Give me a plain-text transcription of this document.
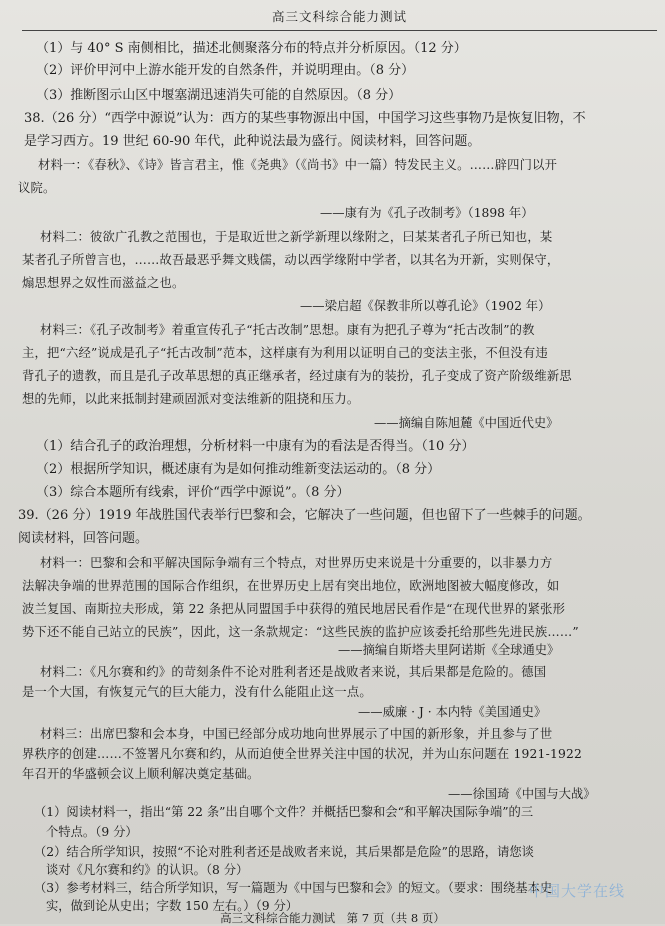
高三文科综合能力测试
（1）与 40° S 南侧相比，描述北侧聚落分布的特点并分析原因。（12 分）
（2）评价甲河中上游水能开发的自然条件，并说明理由。（8 分）
（3）推断图示山区中堰塞湖迅速消失可能的自然原因。（8 分）
38.（26 分）“西学中源说”认为：西方的某些事物源出中国，中国学习这些事物乃是恢复旧物，不
是学习西方。19 世纪 60-90 年代，此种说法最为盛行。阅读材料，回答问题。
材料一：《春秋》、《诗》皆言君主，惟《尧典》（《尚书》中一篇）特发民主义。……辟四门以开
议院。
——康有为《孔子改制考》（1898 年）
材料二：彼欲广孔教之范围也，于是取近世之新学新理以缘附之，曰某某者孔子所已知也，某
某者孔子所曾言也，……故吾最恶乎舞文贱儒，动以西学缘附中学者，以其名为开新，实则保守，
煽思想界之奴性而滋益之也。
——梁启超《保教非所以尊孔论》（1902 年）
材料三：《孔子改制考》着重宣传孔子“托古改制”思想。康有为把孔子尊为“托古改制”的教
主，把“六经”说成是孔子“托古改制”范本，这样康有为利用以证明自己的变法主张，不但没有违
背孔子的遗教，而且是孔子改革思想的真正继承者，经过康有为的装扮，孔子变成了资产阶级维新思
想的先师，以此来抵制封建顽固派对变法维新的阻挠和压力。
——摘编自陈旭麓《中国近代史》
（1）结合孔子的政治理想，分析材料一中康有为的看法是否得当。（10 分）
（2）根据所学知识，概述康有为是如何推动维新变法运动的。（8 分）
（3）综合本题所有线索，评价“西学中源说”。（8 分）
39.（26 分）1919 年战胜国代表举行巴黎和会，它解决了一些问题，但也留下了一些棘手的问题。
阅读材料，回答问题。
材料一：巴黎和会和平解决国际争端有三个特点，对世界历史来说是十分重要的，以非暴力方
法解决争端的世界范围的国际合作组织，在世界历史上居有突出地位，欧洲地图被大幅度修改，如
波兰复国、南斯拉夫形成，第 22 条把从同盟国手中获得的殖民地居民看作是“在现代世界的紧张形
势下还不能自己站立的民族”，因此，这一条款规定：“这些民族的监护应该委托给那些先进民族……”
——摘编自斯塔夫里阿诺斯《全球通史》
材料二：《凡尔赛和约》的苛刻条件不论对胜利者还是战败者来说，其后果都是危险的。德国
是一个大国，有恢复元气的巨大能力，没有什么能阻止这一点。
——威廉 · J · 本内特《美国通史》
材料三：出席巴黎和会本身，中国已经部分成功地向世界展示了中国的新形象，并且参与了世
界秩序的创建……不签署凡尔赛和约，从而迫使全世界关注中国的状况，并为山东问题在 1921-1922
年召开的华盛顿会议上顺利解决奠定基础。
——徐国琦《中国与大战》
（1）阅读材料一，指出“第 22 条”出自哪个文件？并概括巴黎和会“和平解决国际争端”的三
个特点。（9 分）
（2）结合所学知识，按照“不论对胜利者还是战败者来说，其后果都是危险”的思路，请您谈
谈对《凡尔赛和约》的认识。（8 分）
（3）参考材料三，结合所学知识，写一篇题为《中国与巴黎和会》的短文。（要求：围绕基本史
实，做到论从史出；字数 150 左右。）（9 分）
高三文科综合能力测试　第 7 页（共 8 页）
中国大学在线
